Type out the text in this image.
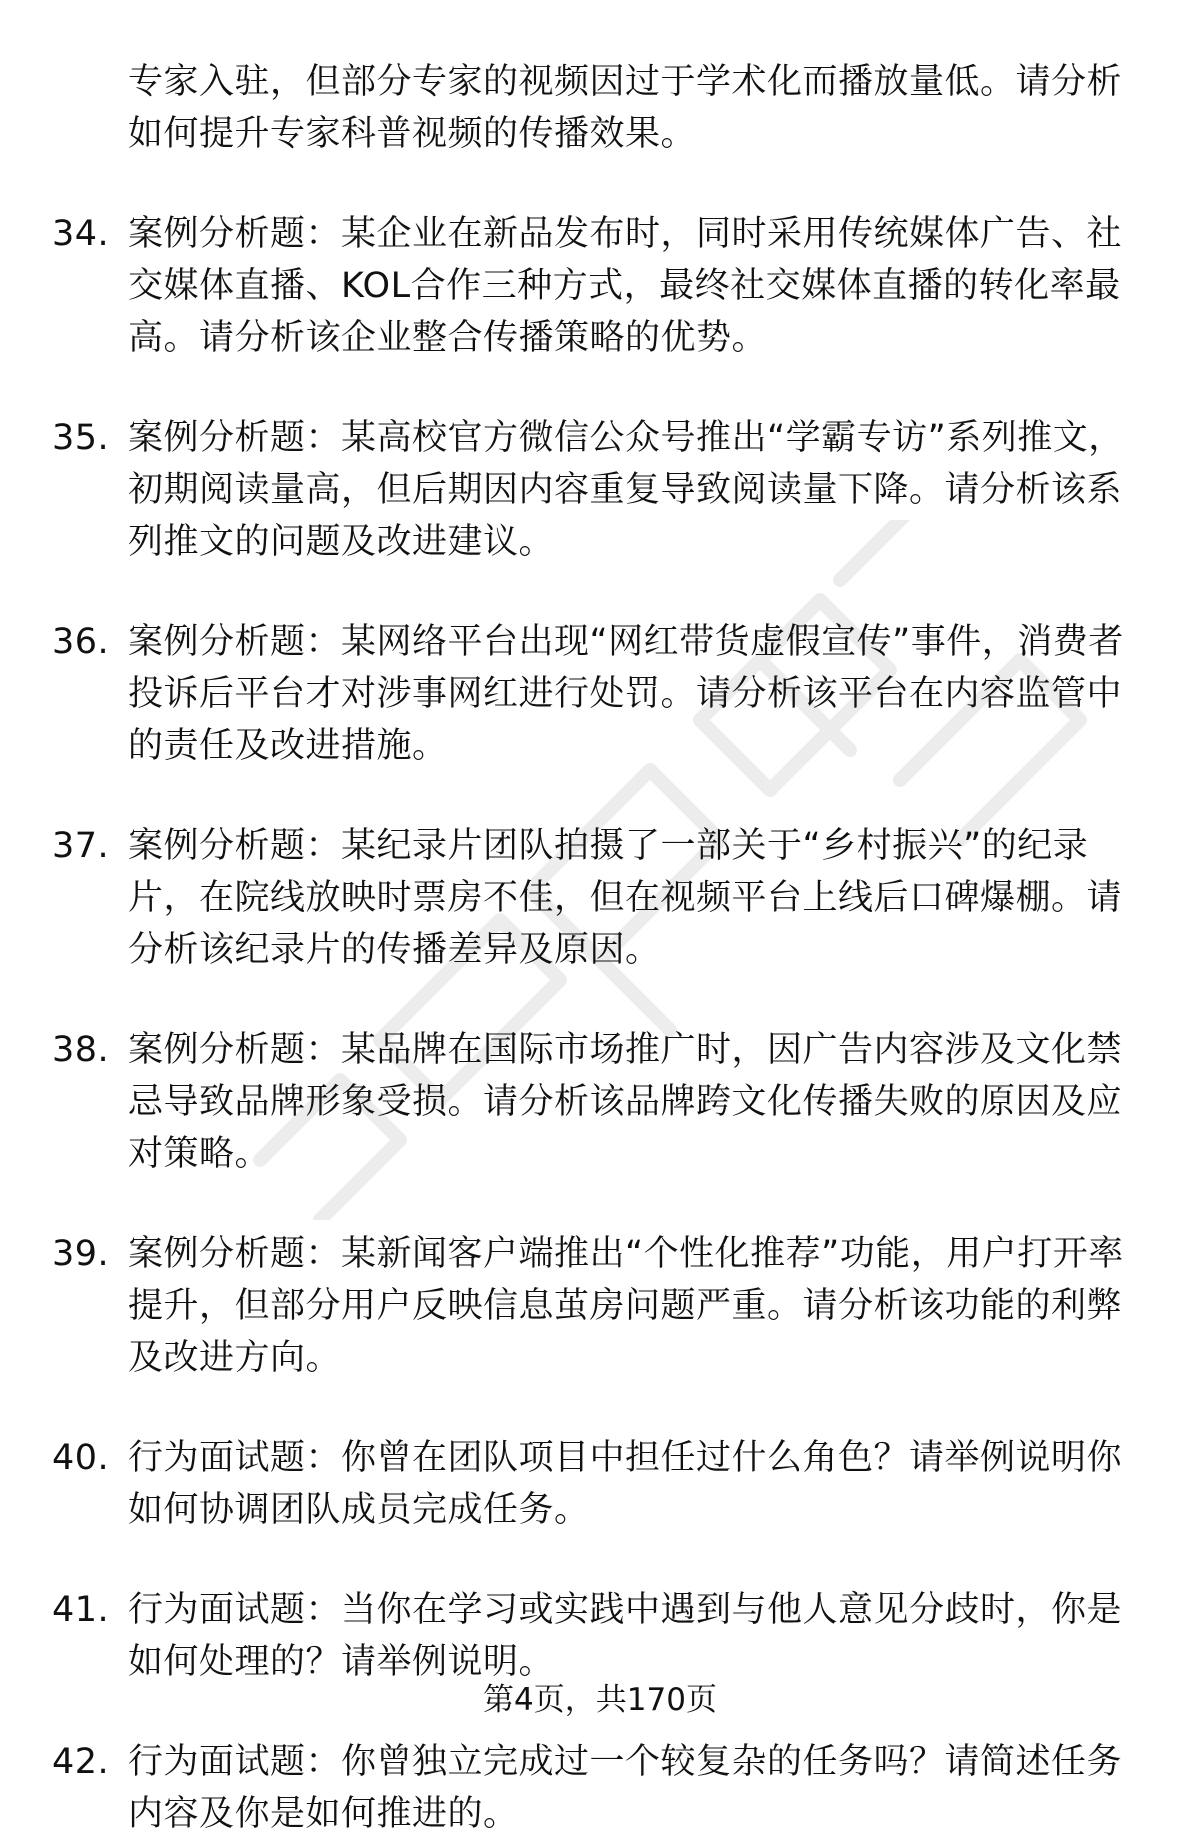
专家入驻，但部分专家的视频因过于学术化而播放量低。请分析如何提升专家科普视频的传播效果。

34. 案例分析题：某企业在新品发布时，同时采用传统媒体广告、社交媒体直播、KOL合作三种方式，最终社交媒体直播的转化率最高。请分析该企业整合传播策略的优势。
35. 案例分析题：某高校官方微信公众号推出“学霸专访”系列推文，初期阅读量高，但后期因内容重复导致阅读量下降。请分析该系列推文的问题及改进建议。
36. 案例分析题：某网络平台出现“网红带货虚假宣传”事件，消费者投诉后平台才对涉事网红进行处罚。请分析该平台在内容监管中的责任及改进措施。
37. 案例分析题：某纪录片团队拍摄了一部关于“乡村振兴”的纪录片，在院线放映时票房不佳，但在视频平台上线后口碑爆棚。请分析该纪录片的传播差异及原因。
38. 案例分析题：某品牌在国际市场推广时，因广告内容涉及文化禁忌导致品牌形象受损。请分析该品牌跨文化传播失败的原因及应对策略。
39. 案例分析题：某新闻客户端推出“个性化推荐”功能，用户打开率提升，但部分用户反映信息茧房问题严重。请分析该功能的利弊及改进方向。
40. 行为面试题：你曾在团队项目中担任过什么角色？请举例说明你如何协调团队成员完成任务。
41. 行为面试题：当你在学习或实践中遇到与他人意见分歧时，你是如何处理的？请举例说明。
42. 行为面试题：你曾独立完成过一个较复杂的任务吗？请简述任务内容及你是如何推进的。
第4页，共170页
